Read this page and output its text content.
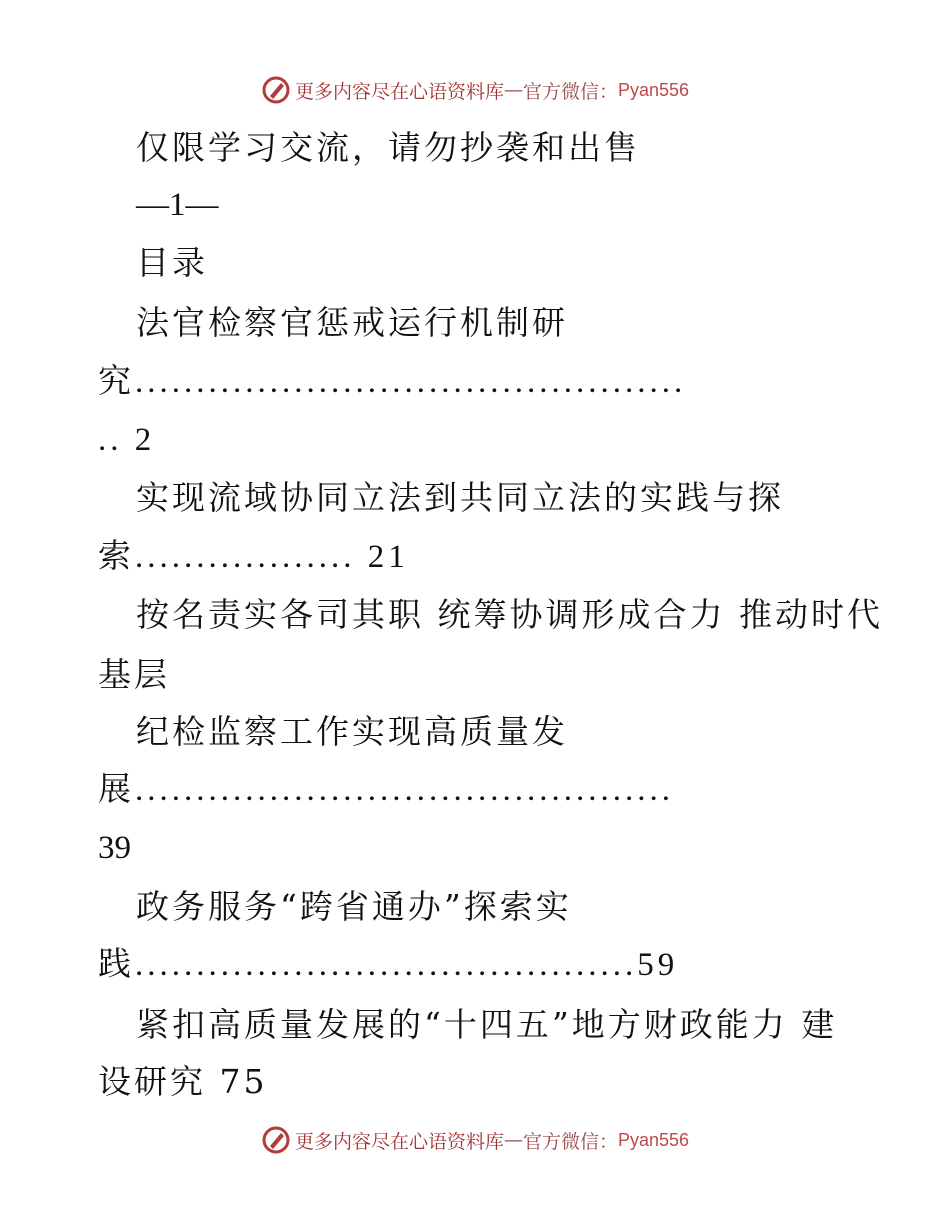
更多内容尽在心语资料库 — 官方微信： Pyan556
仅限学习交流，请勿抄袭和出售
—1—
目录
法官检察官惩戒运行机制研
究.............................................
.. 2
实现流域协同立法到共同立法的实践与探
索.................. 21
按名责实各司其职 统筹协调形成合力 推动时代
基层
纪检监察工作实现高质量发
展............................................
39
政务服务“跨省通办”探索实
践.........................................59
紧扣高质量发展的“十四五”地方财政能力 建
设研究 75
更多内容尽在心语资料库 — 官方微信： Pyan556
